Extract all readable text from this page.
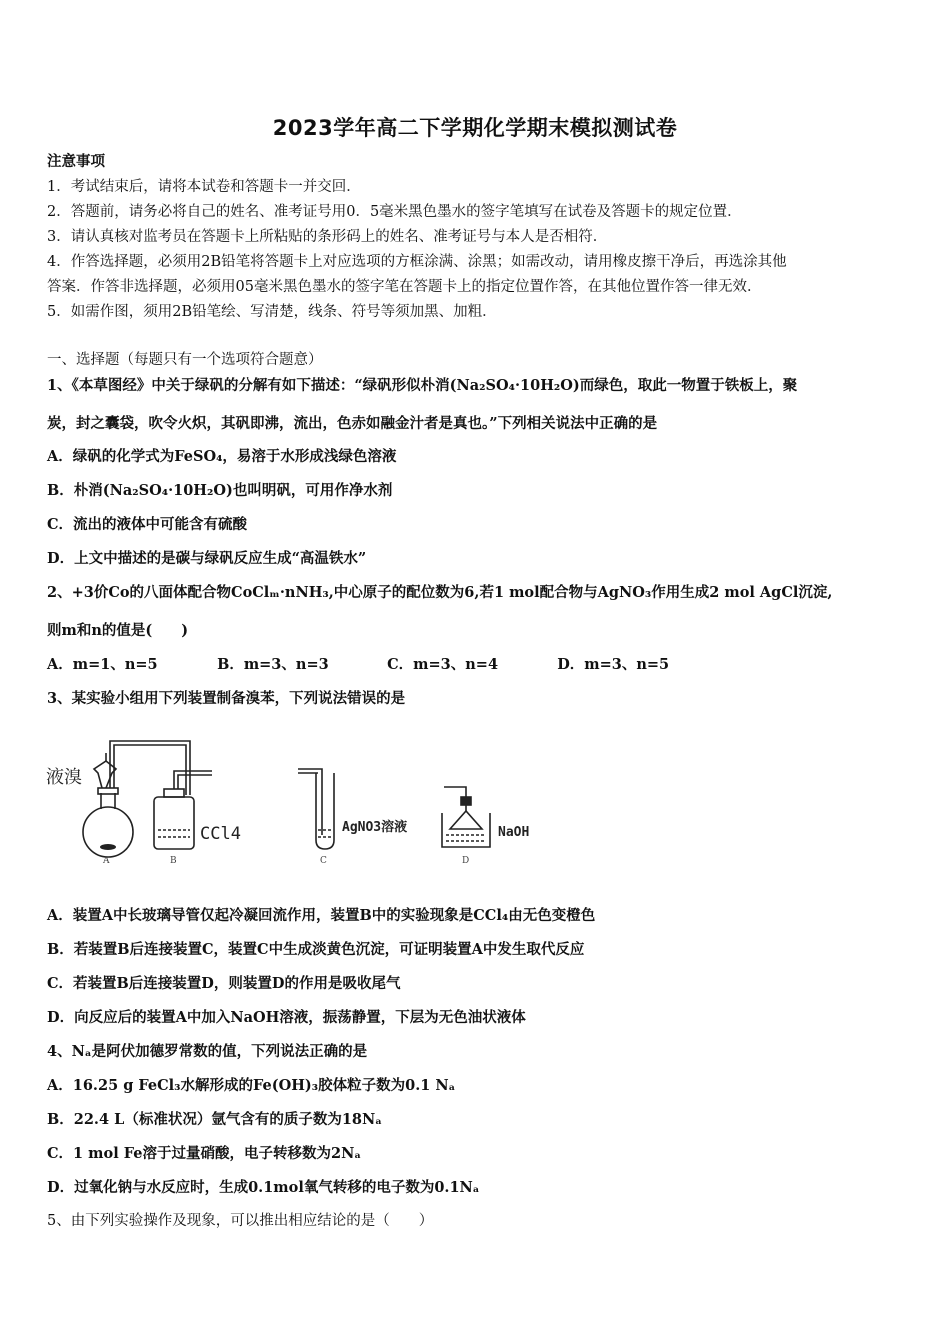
2023学年高二下学期化学期末模拟测试卷
注意事项
1．考试结束后，请将本试卷和答题卡一并交回．
2．答题前，请务必将自己的姓名、准考证号用0．5毫米黑色墨水的签字笔填写在试卷及答题卡的规定位置．
3．请认真核对监考员在答题卡上所粘贴的条形码上的姓名、准考证号与本人是否相符．
4．作答选择题，必须用2B铅笔将答题卡上对应选项的方框涂满、涂黑；如需改动，请用橡皮擦干净后，再选涂其他
答案．作答非选择题，必须用05毫米黑色墨水的签字笔在答题卡上的指定位置作答，在其他位置作答一律无效．
5．如需作图，须用2B铅笔绘、写清楚，线条、符号等须加黑、加粗．
一、选择题（每题只有一个选项符合题意）
1、《本草图经》中关于绿矾的分解有如下描述：“绿矾形似朴消(Na₂SO₄·10H₂O)而绿色，取此一物置于铁板上，聚
炭，封之囊袋，吹令火炽，其矾即沸，流出，色赤如融金汁者是真也。”下列相关说法中正确的是
A．绿矾的化学式为FeSO₄，易溶于水形成浅绿色溶液
B．朴消(Na₂SO₄·10H₂O)也叫明矾，可用作净水剂
C．流出的液体中可能含有硫酸
D．上文中描述的是碳与绿矾反应生成“高温铁水”
2、+3价Co的八面体配合物CoClₘ·nNH₃,中心原子的配位数为6,若1 mol配合物与AgNO₃作用生成2 mol AgCl沉淀,
则m和n的值是(　　)
A．m=1、n=5	B．m=3、n=3	C．m=3、n=4	D．m=3、n=5
3、某实验小组用下列装置制备溴苯，下列说法错误的是
液溴
CCl4	AgNO3溶液	NaOH
A	B	C	D
A．装置A中长玻璃导管仅起冷凝回流作用，装置B中的实验现象是CCl₄由无色变橙色
B．若装置B后连接装置C，装置C中生成淡黄色沉淀，可证明装置A中发生取代反应
C．若装置B后连接装置D，则装置D的作用是吸收尾气
D．向反应后的装置A中加入NaOH溶液，振荡静置，下层为无色油状液体
4、Nₐ是阿伏加德罗常数的值，下列说法正确的是
A．16.25 g FeCl₃水解形成的Fe(OH)₃胶体粒子数为0.1 Nₐ
B．22.4 L（标准状况）氩气含有的质子数为18Nₐ
C．1 mol Fe溶于过量硝酸，电子转移数为2Nₐ
D．过氧化钠与水反应时，生成0.1mol氧气转移的电子数为0.1Nₐ
5、由下列实验操作及现象，可以推出相应结论的是（　　）
